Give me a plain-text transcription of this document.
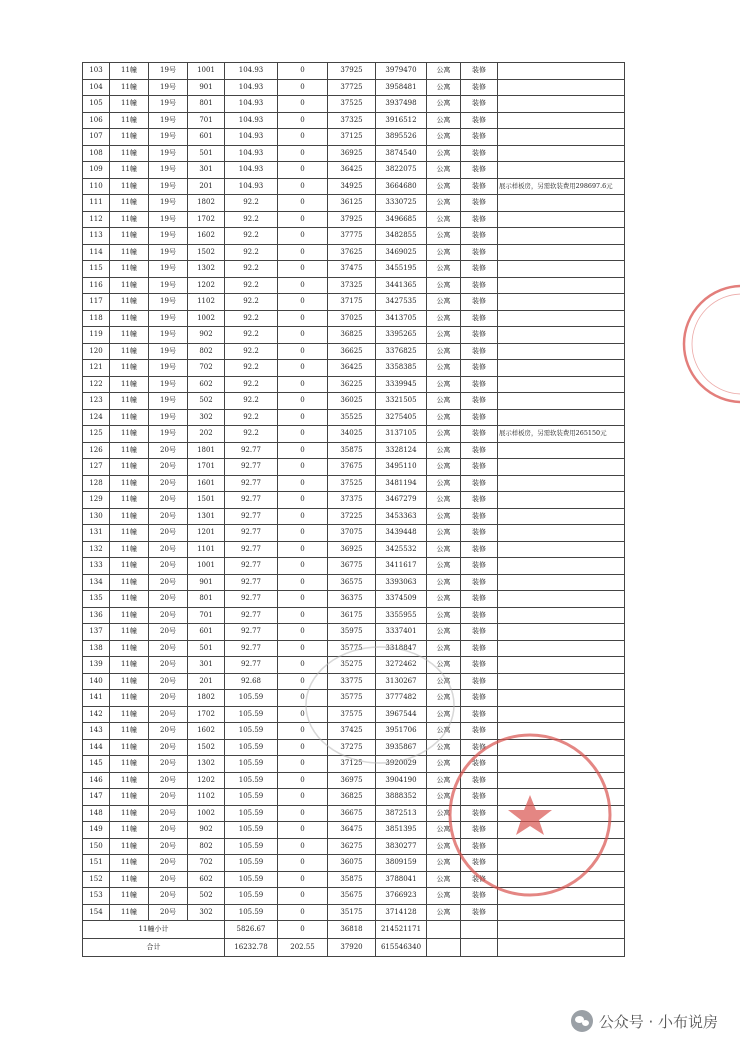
103	11幢	19号	1001	104.93	0	37925	3979470	公寓	装修	
104	11幢	19号	901	104.93	0	37725	3958481	公寓	装修	
105	11幢	19号	801	104.93	0	37525	3937498	公寓	装修	
106	11幢	19号	701	104.93	0	37325	3916512	公寓	装修	
107	11幢	19号	601	104.93	0	37125	3895526	公寓	装修	
108	11幢	19号	501	104.93	0	36925	3874540	公寓	装修	
109	11幢	19号	301	104.93	0	36425	3822075	公寓	装修	
110	11幢	19号	201	104.93	0	34925	3664680	公寓	装修	展示样板房，另需软装费用298697.6元
111	11幢	19号	1802	92.2	0	36125	3330725	公寓	装修	
112	11幢	19号	1702	92.2	0	37925	3496685	公寓	装修	
113	11幢	19号	1602	92.2	0	37775	3482855	公寓	装修	
114	11幢	19号	1502	92.2	0	37625	3469025	公寓	装修	
115	11幢	19号	1302	92.2	0	37475	3455195	公寓	装修	
116	11幢	19号	1202	92.2	0	37325	3441365	公寓	装修	
117	11幢	19号	1102	92.2	0	37175	3427535	公寓	装修	
118	11幢	19号	1002	92.2	0	37025	3413705	公寓	装修	
119	11幢	19号	902	92.2	0	36825	3395265	公寓	装修	
120	11幢	19号	802	92.2	0	36625	3376825	公寓	装修	
121	11幢	19号	702	92.2	0	36425	3358385	公寓	装修	
122	11幢	19号	602	92.2	0	36225	3339945	公寓	装修	
123	11幢	19号	502	92.2	0	36025	3321505	公寓	装修	
124	11幢	19号	302	92.2	0	35525	3275405	公寓	装修	
125	11幢	19号	202	92.2	0	34025	3137105	公寓	装修	展示样板房，另需软装费用265150元
126	11幢	20号	1801	92.77	0	35875	3328124	公寓	装修	
127	11幢	20号	1701	92.77	0	37675	3495110	公寓	装修	
128	11幢	20号	1601	92.77	0	37525	3481194	公寓	装修	
129	11幢	20号	1501	92.77	0	37375	3467279	公寓	装修	
130	11幢	20号	1301	92.77	0	37225	3453363	公寓	装修	
131	11幢	20号	1201	92.77	0	37075	3439448	公寓	装修	
132	11幢	20号	1101	92.77	0	36925	3425532	公寓	装修	
133	11幢	20号	1001	92.77	0	36775	3411617	公寓	装修	
134	11幢	20号	901	92.77	0	36575	3393063	公寓	装修	
135	11幢	20号	801	92.77	0	36375	3374509	公寓	装修	
136	11幢	20号	701	92.77	0	36175	3355955	公寓	装修	
137	11幢	20号	601	92.77	0	35975	3337401	公寓	装修	
138	11幢	20号	501	92.77	0	35775	3318847	公寓	装修	
139	11幢	20号	301	92.77	0	35275	3272462	公寓	装修	
140	11幢	20号	201	92.68	0	33775	3130267	公寓	装修	
141	11幢	20号	1802	105.59	0	35775	3777482	公寓	装修	
142	11幢	20号	1702	105.59	0	37575	3967544	公寓	装修	
143	11幢	20号	1602	105.59	0	37425	3951706	公寓	装修	
144	11幢	20号	1502	105.59	0	37275	3935867	公寓	装修	
145	11幢	20号	1302	105.59	0	37125	3920029	公寓	装修	
146	11幢	20号	1202	105.59	0	36975	3904190	公寓	装修	
147	11幢	20号	1102	105.59	0	36825	3888352	公寓	装修	
148	11幢	20号	1002	105.59	0	36675	3872513	公寓	装修	
149	11幢	20号	902	105.59	0	36475	3851395	公寓	装修	
150	11幢	20号	802	105.59	0	36275	3830277	公寓	装修	
151	11幢	20号	702	105.59	0	36075	3809159	公寓	装修	
152	11幢	20号	602	105.59	0	35875	3788041	公寓	装修	
153	11幢	20号	502	105.59	0	35675	3766923	公寓	装修	
154	11幢	20号	302	105.59	0	35175	3714128	公寓	装修	
11幢小计				5826.67	0	36818	214521171			
合计				16232.78	202.55	37920	615546340			
公众号 · 小布说房
